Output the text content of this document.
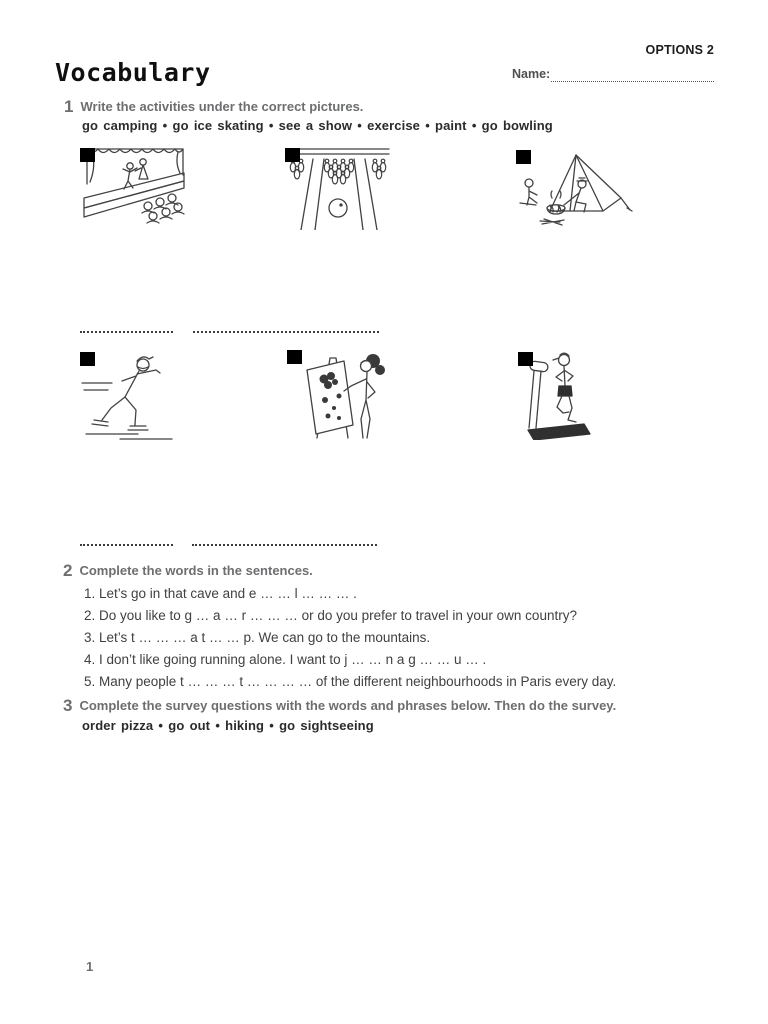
OPTIONS 2
Vocabulary	Name:
1 Write the activities under the correct pictures.
go camping • go ice skating • see a show • exercise • paint • go bowling
2 Complete the words in the sentences.
1. Let’s go in that cave and e … … l … … … .
2. Do you like to g … a … r … … … or do you prefer to travel in your own country?
3. Let’s t … … … a t … … p. We can go to the mountains.
4. I don’t like going running alone. I want to j … … n a g … … u … .
5. Many people t … … … t … … … … of the different neighbourhoods in Paris every day.
3 Complete the survey questions with the words and phrases below. Then do the survey.
order pizza • go out • hiking • go sightseeing
1
